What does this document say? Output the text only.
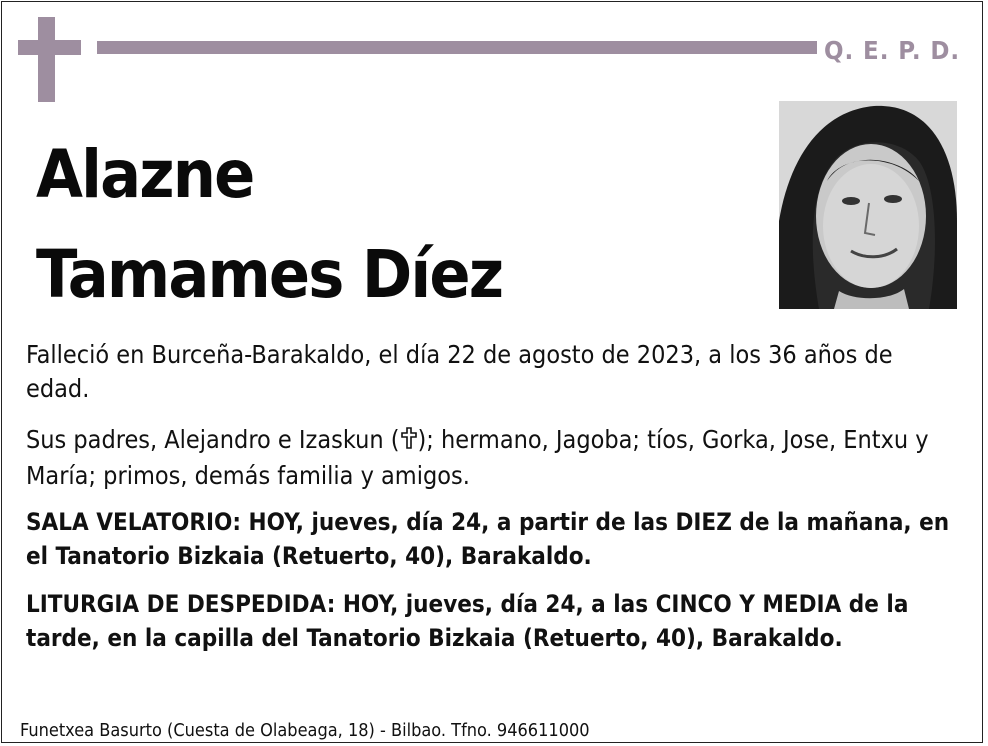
Q. E. P. D.
Alazne
Tamames Díez
Falleció en Burceña-Barakaldo, el día 22 de agosto de 2023, a los 36 años de edad.
Sus padres, Alejandro e Izaskun ( ); hermano, Jagoba; tíos, Gorka, Jose, Entxu y María; primos, demás familia y amigos.
SALA VELATORIO: HOY, jueves, día 24, a partir de las DIEZ de la mañana, en el Tanatorio Bizkaia (Retuerto, 40), Barakaldo.
LITURGIA DE DESPEDIDA: HOY, jueves, día 24, a las CINCO Y MEDIA de la tarde, en la capilla del Tanatorio Bizkaia (Retuerto, 40), Barakaldo.
Funetxea Basurto (Cuesta de Olabeaga, 18) - Bilbao. Tfno. 946611000
